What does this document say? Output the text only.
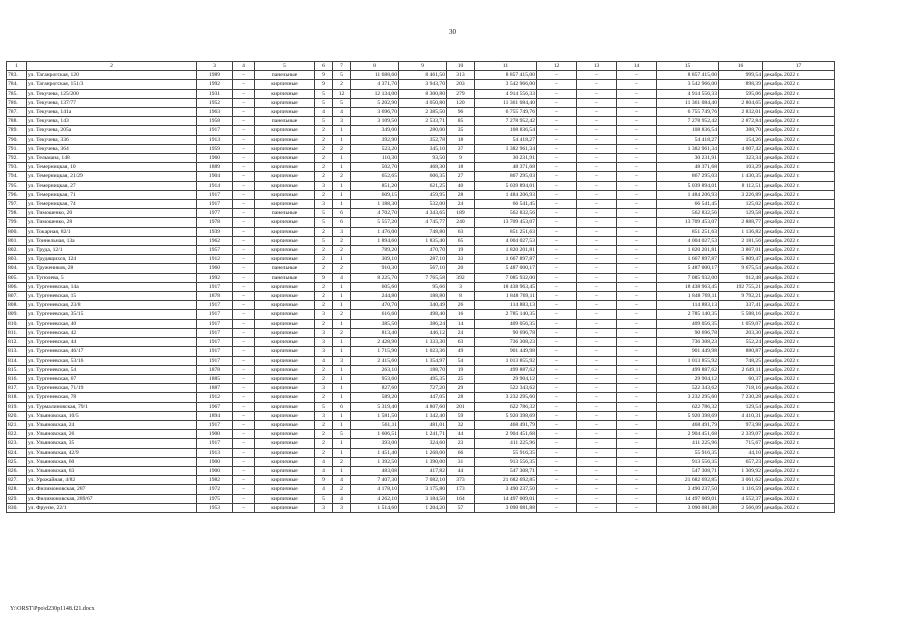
30
1	2	3	4	5	6	7	8	9	10	11	12	13	14	15	16	17
783.	ул. Таганрогская, 120	1989	–	панельные	9	5	11 688,60	8 461,50	313	8 857 415,00	–	–	–	8 857 415,00	999,54	декабрь 2022 г.
784.	ул. Таганрогская, 151/3	1992	–	кирпичные	9	2	4 371,70	3 943,70	203	3 542 966,00	–	–	–	3 542 966,00	898,39	декабрь 2022 г.
785.	ул. Текучева, 125/200	1931	–	кирпичные	5	12	12 134,00	8 300,80	279	4 914 556,33	–	–	–	4 914 556,33	595,06	декабрь 2022 г.
786.	ул. Текучева, 137/77	1952	–	кирпичные	5	5	5 202,90	4 050,80	120	11 361 084,40	–	–	–	11 361 084,40	2 804,65	декабрь 2022 г.
787.	ул. Текучева, 141а	1963	–	кирпичные	4	4	3 696,70	2 385,50	96	6 755 749,76	–	–	–	6 755 749,76	2 832,01	декабрь 2022 г.
788.	ул. Текучева, 143	1958	–	панельные	5	3	3 109,50	2 533,71	85	7 278 952,42	–	–	–	7 278 952,42	2 872,84	декабрь 2022 г.
789.	ул. Текучева, 205а	1917	–	кирпичные	2	1	349,00	280,00	35	108 836,54	–	–	–	108 836,54	388,70	декабрь 2022 г.
790.	ул. Текучева, 336	1913	–	кирпичные	2	1	392,90	352,78	18	54 418,27	–	–	–	54 418,27	154,26	декабрь 2022 г.
791.	ул. Текучева, 364	1959	–	кирпичные	2	2	523,20	345,10	37	1 382 961,34	–	–	–	1 382 961,34	4 007,42	декабрь 2022 г.
792.	ул. Тельмана, 148	1960	–	кирпичные	2	1	110,30	93,50	9	30 231,91	–	–	–	30 231,91	323,34	декабрь 2022 г.
793.	ул. Темерницкая, 10	1889	–	кирпичные	2	1	502,70	468,30	18	48 371,68	–	–	–	48 371,68	103,29	декабрь 2022 г.
794.	ул. Темерницкая, 21/29	1904	–	кирпичные	2	2	652,65	606,35	27	867 295,03	–	–	–	867 295,03	1 430,35	декабрь 2022 г.
795.	ул. Темерницкая, 27	1914	–	кирпичные	3	1	851,20	621,25	40	5 039 894,01	–	–	–	5 039 894,01	8 112,51	декабрь 2022 г.
796.	ул. Темерницкая, 71	1917	–	кирпичные	2	1	609,15	459,95	28	1 484 206,93	–	–	–	1 484 206,93	3 226,89	декабрь 2022 г.
797.	ул. Темерницкая, 74	1917	–	кирпичные	3	1	1 188,30	532,00	24	66 541,45	–	–	–	66 541,45	125,02	декабрь 2022 г.
798.	ул. Тимошенко, 20	1977	–	панельные	5	6	4 702,70	4 343,65	189	562 832,56	–	–	–	562 832,56	129,58	декабрь 2022 г.
799.	ул. Тимошенко, 28	1978	–	кирпичные	5	6	5 557,20	4 745,77	240	13 709 453,07	–	–	–	13 709 453,07	2 888,77	декабрь 2022 г.
800.	ул. Токарная, 82/1	1939	–	кирпичные	2	3	1 476,00	748,80	63	851 251,63	–	–	–	851 251,63	1 136,82	декабрь 2022 г.
801.	ул. Тоннельная, 13а	1962	–	кирпичные	5	2	1 894,60	1 835,40	65	4 004 027,53	–	–	–	4 004 027,53	2 181,56	декабрь 2022 г.
802.	ул. Труда, 12/1	1957	–	кирпичные	2	2	789,20	470,70	19	1 820 201,81	–	–	–	1 820 201,81	3 867,01	декабрь 2022 г.
803.	ул. Трудящихся, 124	1912	–	кирпичные	2	1	309,10	287,10	33	1 667 897,87	–	–	–	1 667 897,87	5 809,47	декабрь 2022 г.
804.	ул. Тружеников, 28	1960	–	панельные	2	2	910,30	567,10	20	5 487 000,17	–	–	–	5 487 000,17	9 675,54	декабрь 2022 г.
805.	ул. Туполева, 5	1992	–	панельные	9	4	8 225,70	7 765,58	392	7 085 932,00	–	–	–	7 085 932,00	912,48	декабрь 2022 г.
806.	ул. Тургеневская, 14а	1917	–	кирпичные	2	1	605,60	95,66	3	18 438 963,45	–	–	–	18 438 963,45	192 755,21	декабрь 2022 г.
807.	ул. Тургеневская, 15	1878	–	кирпичные	2	1	244,80	188,80	8	1 848 769,11	–	–	–	1 848 769,11	9 792,21	декабрь 2022 г.
808.	ул. Тургеневская, 23/8	1917	–	кирпичные	2	1	470,70	340,49	26	114 883,13	–	–	–	114 883,13	337,41	декабрь 2022 г.
809.	ул. Тургеневская, 35/15	1917	–	кирпичные	3	2	616,60	498,40	16	2 785 140,35	–	–	–	2 785 140,35	5 588,16	декабрь 2022 г.
810.	ул. Тургеневская, 40	1917	–	кирпичные	2	1	385,50	386,24	14	409 056,35	–	–	–	409 056,35	1 059,07	декабрь 2022 г.
811.	ул. Тургеневская, 42	1917	–	кирпичные	3	2	813,40	446,12	24	90 696,78	–	–	–	90 696,78	203,30	декабрь 2022 г.
812.	ул. Тургеневская, 44	1917	–	кирпичные	3	1	2 428,90	1 333,30	63	736 308,23	–	–	–	736 308,23	552,24	декабрь 2022 г.
813.	ул. Тургеневская, 46/17	1917	–	кирпичные	3	1	1 715,90	1 023,36	49	901 449,98	–	–	–	901 449,98	880,87	декабрь 2022 г.
814.	ул. Тургеневская, 53/16	1917	–	кирпичные	4	3	2 415,60	1 354,97	54	1 013 855,92	–	–	–	1 013 855,92	748,25	декабрь 2022 г.
815.	ул. Тургеневская, 54	1878	–	кирпичные	2	1	263,10	188,70	19	499 887,62	–	–	–	499 887,62	2 649,11	декабрь 2022 г.
816.	ул. Тургеневская, 67	1885	–	кирпичные	2	1	953,60	495,35	25	29 904,12	–	–	–	29 904,12	60,37	декабрь 2022 г.
817.	ул. Тургеневская, 71/19	1887	–	кирпичные	3	1	827,60	727,20	29	522 343,62	–	–	–	522 343,62	718,16	декабрь 2022 г.
818.	ул. Тургеневская, 78	1912	–	кирпичные	2	1	589,20	447,05	28	3 232 295,60	–	–	–	3 232 295,60	7 230,28	декабрь 2022 г.
819.	ул. Турмалиновская, 79/1	1967	–	кирпичные	5	6	5 319,40	4 807,60	201	622 786,32	–	–	–	622 786,32	129,54	декабрь 2022 г.
820.	ул. Ульяновская, 10/5	1894	–	кирпичные	3	1	1 581,50	1 342,40	59	5 920 398,69	–	–	–	5 920 398,69	4 410,31	декабрь 2022 г.
821.	ул. Ульяновская, 24	1917	–	кирпичные	2	1	561,11	481,01	32	468 491,79	–	–	–	468 491,79	973,98	декабрь 2022 г.
822.	ул. Ульяновская, 26	1900	–	кирпичные	2	5	1 606,51	1 241,71	44	2 904 451,68	–	–	–	2 904 451,68	2 339,07	декабрь 2022 г.
823.	ул. Ульяновская, 35	1917	–	кирпичные	2	1	393,00	324,60	23	411 225,96	–	–	–	411 225,96	715,67	декабрь 2022 г.
824.	ул. Ульяновская, 42/9	1913	–	кирпичные	2	1	1 451,40	1 268,00	66	55 916,35	–	–	–	55 916,35	44,10	декабрь 2022 г.
825.	ул. Ульяновская, 60	1900	–	кирпичные	4	2	1 392,50	1 390,00	31	913 556,35	–	–	–	913 556,35	657,23	декабрь 2022 г.
826.	ул. Ульяновская, 63	1900	–	кирпичные	4	1	483,08	417,82	44	547 308,71	–	–	–	547 308,71	1 309,92	декабрь 2022 г.
827.	ул. Урожайная, 4/82	1982	–	кирпичные	9	4	7 407,30	7 082,10	373	21 682 692,85	–	–	–	21 682 692,85	3 061,62	декабрь 2022 г.
828.	ул. Филимоновская, 287	1972	–	кирпичные	4	2	4 178,10	3 175,80	173	3 490 237,50	–	–	–	3 490 237,50	1 116,59	декабрь 2022 г.
829.	ул. Филимоновская, 289/67	1975	–	кирпичные	5	4	4 262,10	3 184,50	164	14 497 009,01	–	–	–	14 497 009,01	4 552,37	декабрь 2022 г.
830.	ул. Фрунзе, 22/1	1953	–	кирпичные	3	3	1 514,60	1 204,20	57	3 090 081,88	–	–	–	3 090 081,88	2 566,09	декабрь 2022 г.
Y:\ORST\Ppo\d230p1148.f21.docx
